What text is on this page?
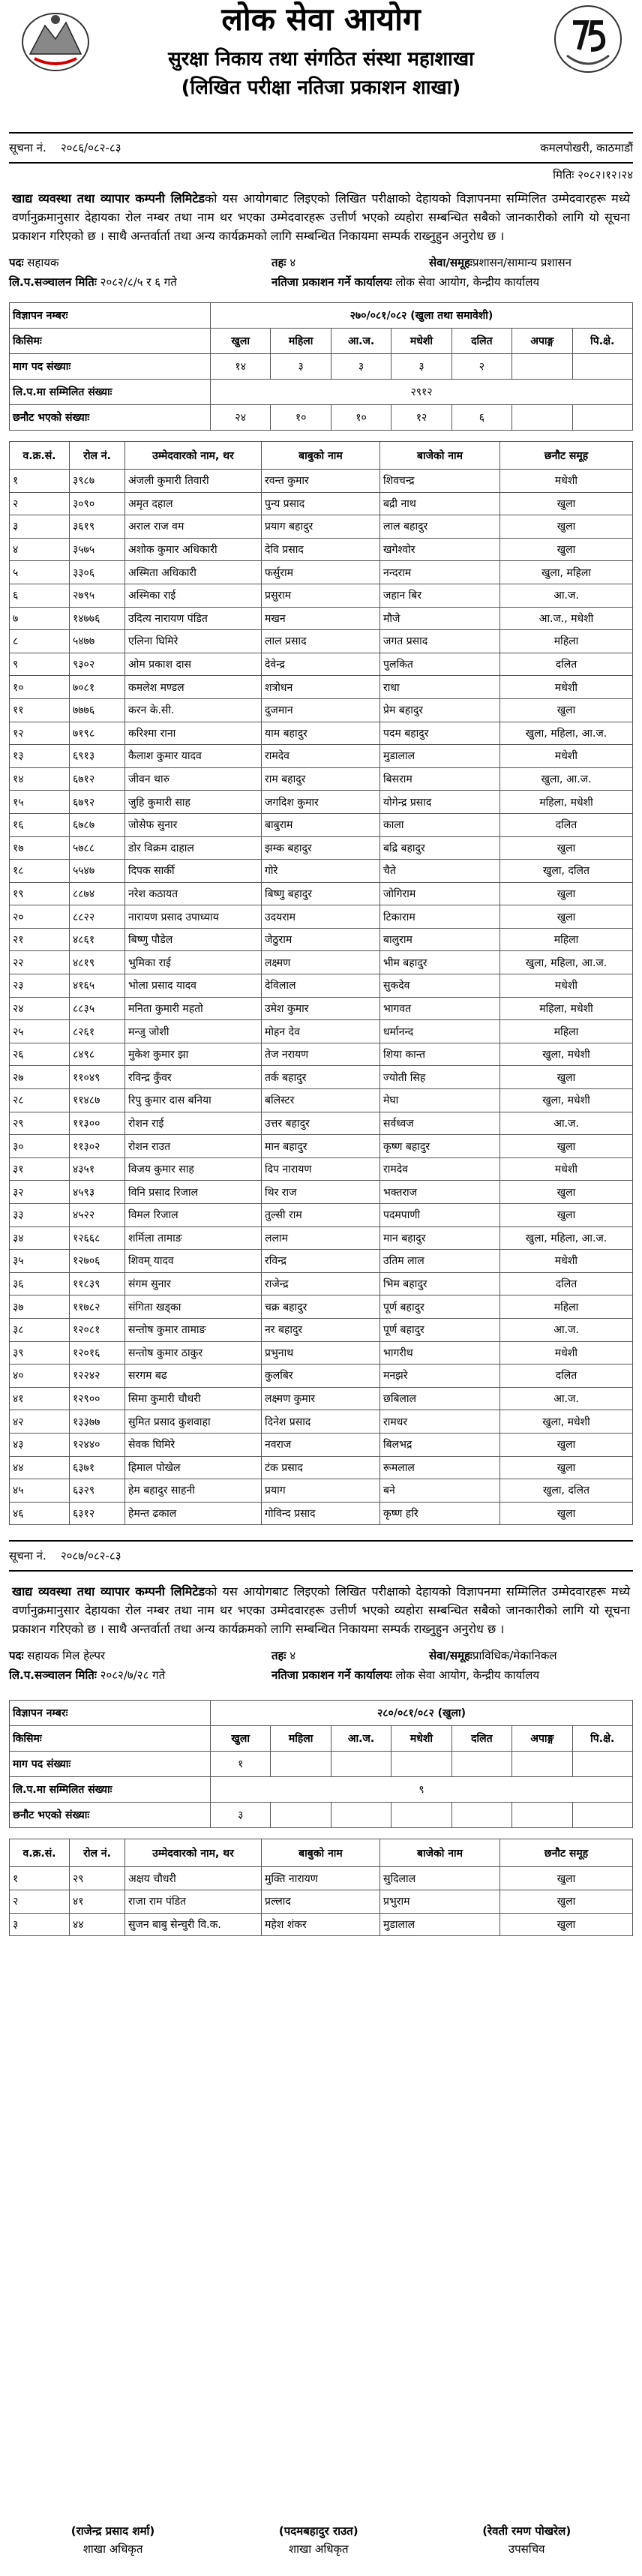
लोक सेवा आयोग
सुरक्षा निकाय तथा संगठित संस्था महाशाखा
(लिखित परीक्षा नतिजा प्रकाशन शाखा)
सूचना नं. २०८६/०८२-८३	कमलपोखरी, काठमाडौं
मितिः २०८२।१२।२४
खाद्य व्यवस्था तथा व्यापार कम्पनी लिमिटेडको यस आयोगबाट लिइएको लिखित परीक्षाको देहायको विज्ञापनमा सम्मिलित उम्मेदवारहरू मध्ये वर्णानुक्रमानुसार देहायका रोल नम्बर तथा नाम थर भएका उम्मेदवारहरू उत्तीर्ण भएको व्यहोरा सम्बन्धित सबैको जानकारीको लागि यो सूचना प्रकाशन गरिएको छ । साथै अन्तर्वार्ता तथा अन्य कार्यक्रमको लागि सम्बन्धित निकायमा सम्पर्क राख्नुहुन अनुरोध छ ।
पदः सहायक	तहः ४	सेवा/समूहःप्रशासन/सामान्य प्रशासन
लि.प.सञ्चालन मितिः २०८२/८/५ र ६ गते	नतिजा प्रकाशन गर्ने कार्यालयः लोक सेवा आयोग, केन्द्रीय कार्यालय
विज्ञापन नम्बरः	२७०/०८१/०८२ (खुला तथा समावेशी)						
किसिमः	खुला	महिला	आ.ज.	मधेशी	दलित	अपाङ्ग	पि.क्षे.
माग पद संख्याः	१४	३	३	३	२		
लि.प.मा सम्मिलित संख्याः	२९१२						
छनौट भएको संख्याः	२४	१०	१०	१२	६		
व.क्र.सं.	रोल नं.	उम्मेदवारको नाम, थर	बाबुको नाम	बाजेको नाम	छनौट समूह
१	३९८७	अंजली कुमारी तिवारी	रवन्त कुमार	शिवचन्द्र	मधेशी
२	३०९०	अमृत दहाल	पुन्य प्रसाद	बद्री नाथ	खुला
३	३६१९	अराल राज वम	प्रयाग बहादुर	लाल बहादुर	खुला
४	३५७५	अशोक कुमार अधिकारी	देवि प्रसाद	खगेश्वोर	खुला
५	३३०६	अस्मिता अधिकारी	फर्सुराम	नन्दराम	खुला, महिला
६	२७९५	अस्मिका राई	प्रसुराम	जहान बिर	आ.ज.
७	१४७७६	उदित्य नारायण पंडित	मखन	मौजे	आ.ज., मधेशी
८	५४७७	एलिना घिमिरे	लाल प्रसाद	जगत प्रसाद	महिला
९	९३०२	ओम प्रकाश दास	देवेन्द्र	पुलकित	दलित
१०	७०८१	कमलेश मण्डल	शत्रोधन	राधा	मधेशी
११	७७७६	करन के.सी.	दुजमान	प्रेम बहादुर	खुला
१२	७१९८	करिश्मा राना	याम बहादुर	पदम बहादुर	खुला, महिला, आ.ज.
१३	६९१३	कैलाश कुमार यादव	रामदेव	मुडालाल	मधेशी
१४	६७१२	जीवन थारु	राम बहादुर	बिसराम	खुला, आ.ज.
१५	६७९२	जुहि कुमारी साह	जगदिश कुमार	योगेन्द्र प्रसाद	महिला, मधेशी
१६	६७८७	जोसेफ सुनार	बाबुराम	काला	दलित
१७	५७८८	डोर विक्रम दाहाल	झम्क बहादुर	बद्रि बहादुर	खुला
१८	५५४७	दिपक सार्की	गोरे	चैते	खुला, दलित
१९	८८७४	नरेश कठायत	बिष्णु बहादुर	जोगिराम	खुला
२०	८८२२	नारायण प्रसाद उपाध्याय	उदयराम	टिकाराम	खुला
२१	४८६१	बिष्णु पौडेल	जेठुराम	बालुराम	महिला
२२	४८१९	भुमिका राई	लक्ष्मण	भीम बहादुर	खुला, महिला, आ.ज.
२३	४१६५	भोला प्रसाद यादव	देविलाल	सुकदेव	मधेशी
२४	८८३५	मनिता कुमारी महतो	उमेश कुमार	भागवत	महिला, मधेशी
२५	८२६१	मन्जु जोशी	मोहन देव	धर्मानन्द	महिला
२६	८४९८	मुकेश कुमार झा	तेज नरायण	शिया कान्त	खुला, मधेशी
२७	११०४९	रविन्द्र कुँवर	तर्क बहादुर	ज्योती सिह	खुला
२८	११४८७	रिपु कुमार दास बनिया	बलिस्टर	मेघा	खुला, मधेशी
२९	११३००	रोशन राई	उत्तर बहादुर	सर्वध्वज	आ.ज.
३०	११३०२	रोशन राउत	मान बहादुर	कृष्ण बहादुर	खुला
३१	४३५१	विजय कुमार साह	दिप नारायण	रामदेव	मधेशी
३२	४५९३	विनि प्रसाद रिजाल	थिर राज	भक्तराज	खुला
३३	४५२२	विमल रिजाल	तुल्सी राम	पदमपाणी	खुला
३४	१२६६८	शर्मिला तामाङ	ललाम	मान बहादुर	खुला, महिला, आ.ज.
३५	१२७०६	शिवम् यादव	रविन्द्र	उतिम लाल	मधेशी
३६	११८३९	संगम सुनार	राजेन्द्र	भिम बहादुर	दलित
३७	११७८२	संगिता खड्का	चक्र बहादुर	पूर्ण बहादुर	महिला
३८	१२०८१	सन्तोष कुमार तामाङ	नर बहादुर	पूर्ण बहादुर	आ.ज.
३९	१२०१६	सन्तोष कुमार ठाकुर	प्रभुनाथ	भागरीथ	मधेशी
४०	१२२४२	सरगम बढ	कुलबिर	मनझरे	दलित
४१	१२९००	सिमा कुमारी चौधरी	लक्ष्मण कुमार	छबिलाल	आ.ज.
४२	१३३७७	सुमित प्रसाद कुशवाहा	दिनेश प्रसाद	रामधर	खुला, मधेशी
४३	१२४४०	सेवक घिमिरे	नवराज	बिलभद्र	खुला
४४	६३७१	हिमाल पोखेल	टंक प्रसाद	रूमलाल	खुला
४५	६३२९	हेम बहादुर साहनी	प्रयाग	बने	खुला, दलित
४६	६३१२	हेमन्त ढकाल	गोविन्द प्रसाद	कृष्ण हरि	खुला
सूचना नं. २०८७/०८२-८३
खाद्य व्यवस्था तथा व्यापार कम्पनी लिमिटेडको यस आयोगबाट लिइएको लिखित परीक्षाको देहायको विज्ञापनमा सम्मिलित उम्मेदवारहरू मध्ये वर्णानुक्रमानुसार देहायका रोल नम्बर तथा नाम थर भएका उम्मेदवारहरू उत्तीर्ण भएको व्यहोरा सम्बन्धित सबैको जानकारीको लागि यो सूचना प्रकाशन गरिएको छ । साथै अन्तर्वार्ता तथा अन्य कार्यक्रमको लागि सम्बन्धित निकायमा सम्पर्क राख्नुहुन अनुरोध छ ।
पदः सहायक मिल हेल्पर	तहः ४	सेवा/समूहःप्राविधिक/मेकानिकल
लि.प.सञ्चालन मितिः २०८२/७/२८ गते	नतिजा प्रकाशन गर्ने कार्यालयः लोक सेवा आयोग, केन्द्रीय कार्यालय
विज्ञापन नम्बरः	२८०/०८१/०८२ (खुला)						
किसिमः	खुला	महिला	आ.ज.	मधेशी	दलित	अपाङ्ग	पि.क्षे.
माग पद संख्याः	१						
लि.प.मा सम्मिलित संख्याः	९						
छनौट भएको संख्याः	३						
व.क्र.सं.	रोल नं.	उम्मेदवारको नाम, थर	बाबुको नाम	बाजेको नाम	छनौट समूह
१	२९	अक्षय चौधरी	मुक्ति नारायण	सुदिलाल	खुला
२	४१	राजा राम पंडित	प्रल्लाद	प्रभुराम	खुला
३	४४	सुजन बाबु सेन्चुरी वि.क.	महेश शंकर	मुडालाल	खुला
(राजेन्द्र प्रसाद शर्मा)
शाखा अधिकृत
(पदमबहादुर राउत)
शाखा अधिकृत
(रेवती रमण पोखरेल)
उपसचिव
